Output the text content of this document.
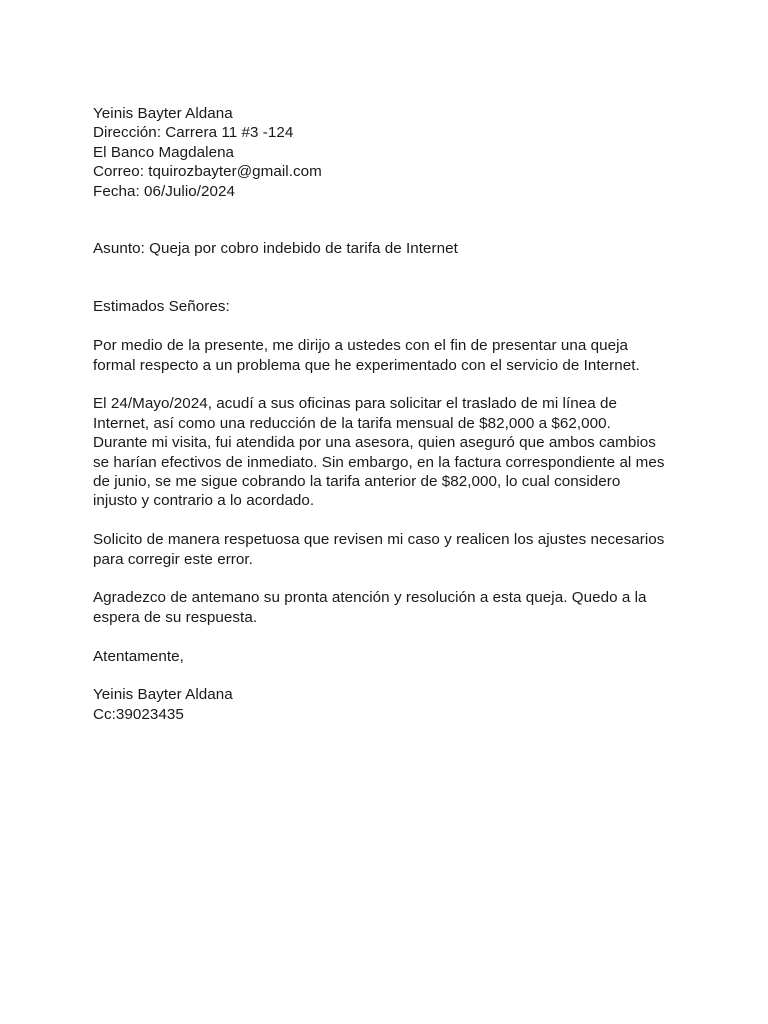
Yeinis Bayter Aldana
Dirección: Carrera 11 #3 -124
El Banco Magdalena
Correo: tquirozbayter@gmail.com
Fecha: 06/Julio/2024
Asunto: Queja por cobro indebido de tarifa de Internet
Estimados Señores:
Por medio de la presente, me dirijo a ustedes con el fin de presentar una queja
formal respecto a un problema que he experimentado con el servicio de Internet.
El 24/Mayo/2024, acudí a sus oficinas para solicitar el traslado de mi línea de
Internet, así como una reducción de la tarifa mensual de $82,000 a $62,000.
Durante mi visita, fui atendida por una asesora, quien aseguró que ambos cambios
se harían efectivos de inmediato. Sin embargo, en la factura correspondiente al mes
de junio, se me sigue cobrando la tarifa anterior de $82,000, lo cual considero
injusto y contrario a lo acordado.
Solicito de manera respetuosa que revisen mi caso y realicen los ajustes necesarios
para corregir este error.
Agradezco de antemano su pronta atención y resolución a esta queja. Quedo a la
espera de su respuesta.
Atentamente,
Yeinis Bayter Aldana
Cc:39023435
